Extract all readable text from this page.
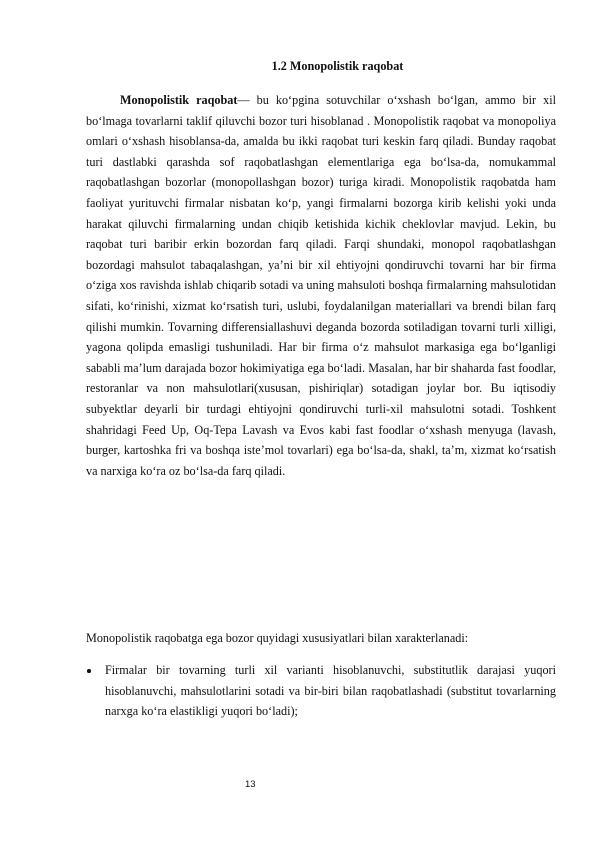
1.2 Monopolistik raqobat

Monopolistik raqobat— bu ko‘pgina sotuvchilar o‘xshash bo‘lgan, ammo bir xil bo‘lmaga tovarlarni taklif qiluvchi bozor turi hisoblanad . Monopolistik raqobat va monopoliya omlari o‘xshash hisoblansa-da, amalda bu ikki raqobat turi keskin farq qiladi. Bunday raqobat turi dastlabki qarashda sof raqobatlashgan elementlariga ega bo‘lsa-da, nomukammal raqobatlashgan bozorlar (monopollashgan bozor) turiga kiradi. Monopolistik raqobatda ham faoliyat yurituvchi firmalar nisbatan ko‘p, yangi firmalarni bozorga kirib kelishi yoki unda harakat qiluvchi firmalarning undan chiqib ketishida kichik cheklovlar mavjud. Lekin, bu raqobat turi baribir erkin bozordan farq qiladi. Farqi shundaki, monopol raqobatlashgan bozordagi mahsulot tabaqalashgan, ya’ni bir xil ehtiyojni qondiruvchi tovarni har bir firma o‘ziga xos ravishda ishlab chiqarib sotadi va uning mahsuloti boshqa firmalarning mahsulotidan sifati, ko‘rinishi, xizmat ko‘rsatish turi, uslubi, foydalanilgan materiallari va brendi bilan farq qilishi mumkin. Tovarning differensiallashuvi deganda bozorda sotiladigan tovarni turli xilligi, yagona qolipda emasligi tushuniladi. Har bir firma o‘z mahsulot markasiga ega bo‘lganligi sababli ma’lum darajada bozor hokimiyatiga ega bo‘ladi. Masalan, har bir shaharda fast foodlar, restoranlar va non mahsulotlari(xususan, pishiriqlar) sotadigan joylar bor. Bu iqtisodiy subyektlar deyarli bir turdagi ehtiyojni qondiruvchi turli-xil mahsulotni sotadi. Toshkent shahridagi Feed Up, Oq-Tepa Lavash va Evos kabi fast foodlar o‘xshash menyuga (lavash, burger, kartoshka fri va boshqa iste’mol tovarlari) ega bo‘lsa-da, shakl, ta’m, xizmat ko‘rsatish va narxiga ko‘ra oz bo‘lsa-da farq qiladi.

Monopolistik raqobatga ega bozor quyidagi xususiyatlari bilan xarakterlanadi:

Firmalar bir tovarning turli xil varianti hisoblanuvchi, substitutlik darajasi yuqori hisoblanuvchi, mahsulotlarini sotadi va bir-biri bilan raqobatlashadi (substitut tovarlarning narxga ko‘ra elastikligi yuqori bo‘ladi);
13
